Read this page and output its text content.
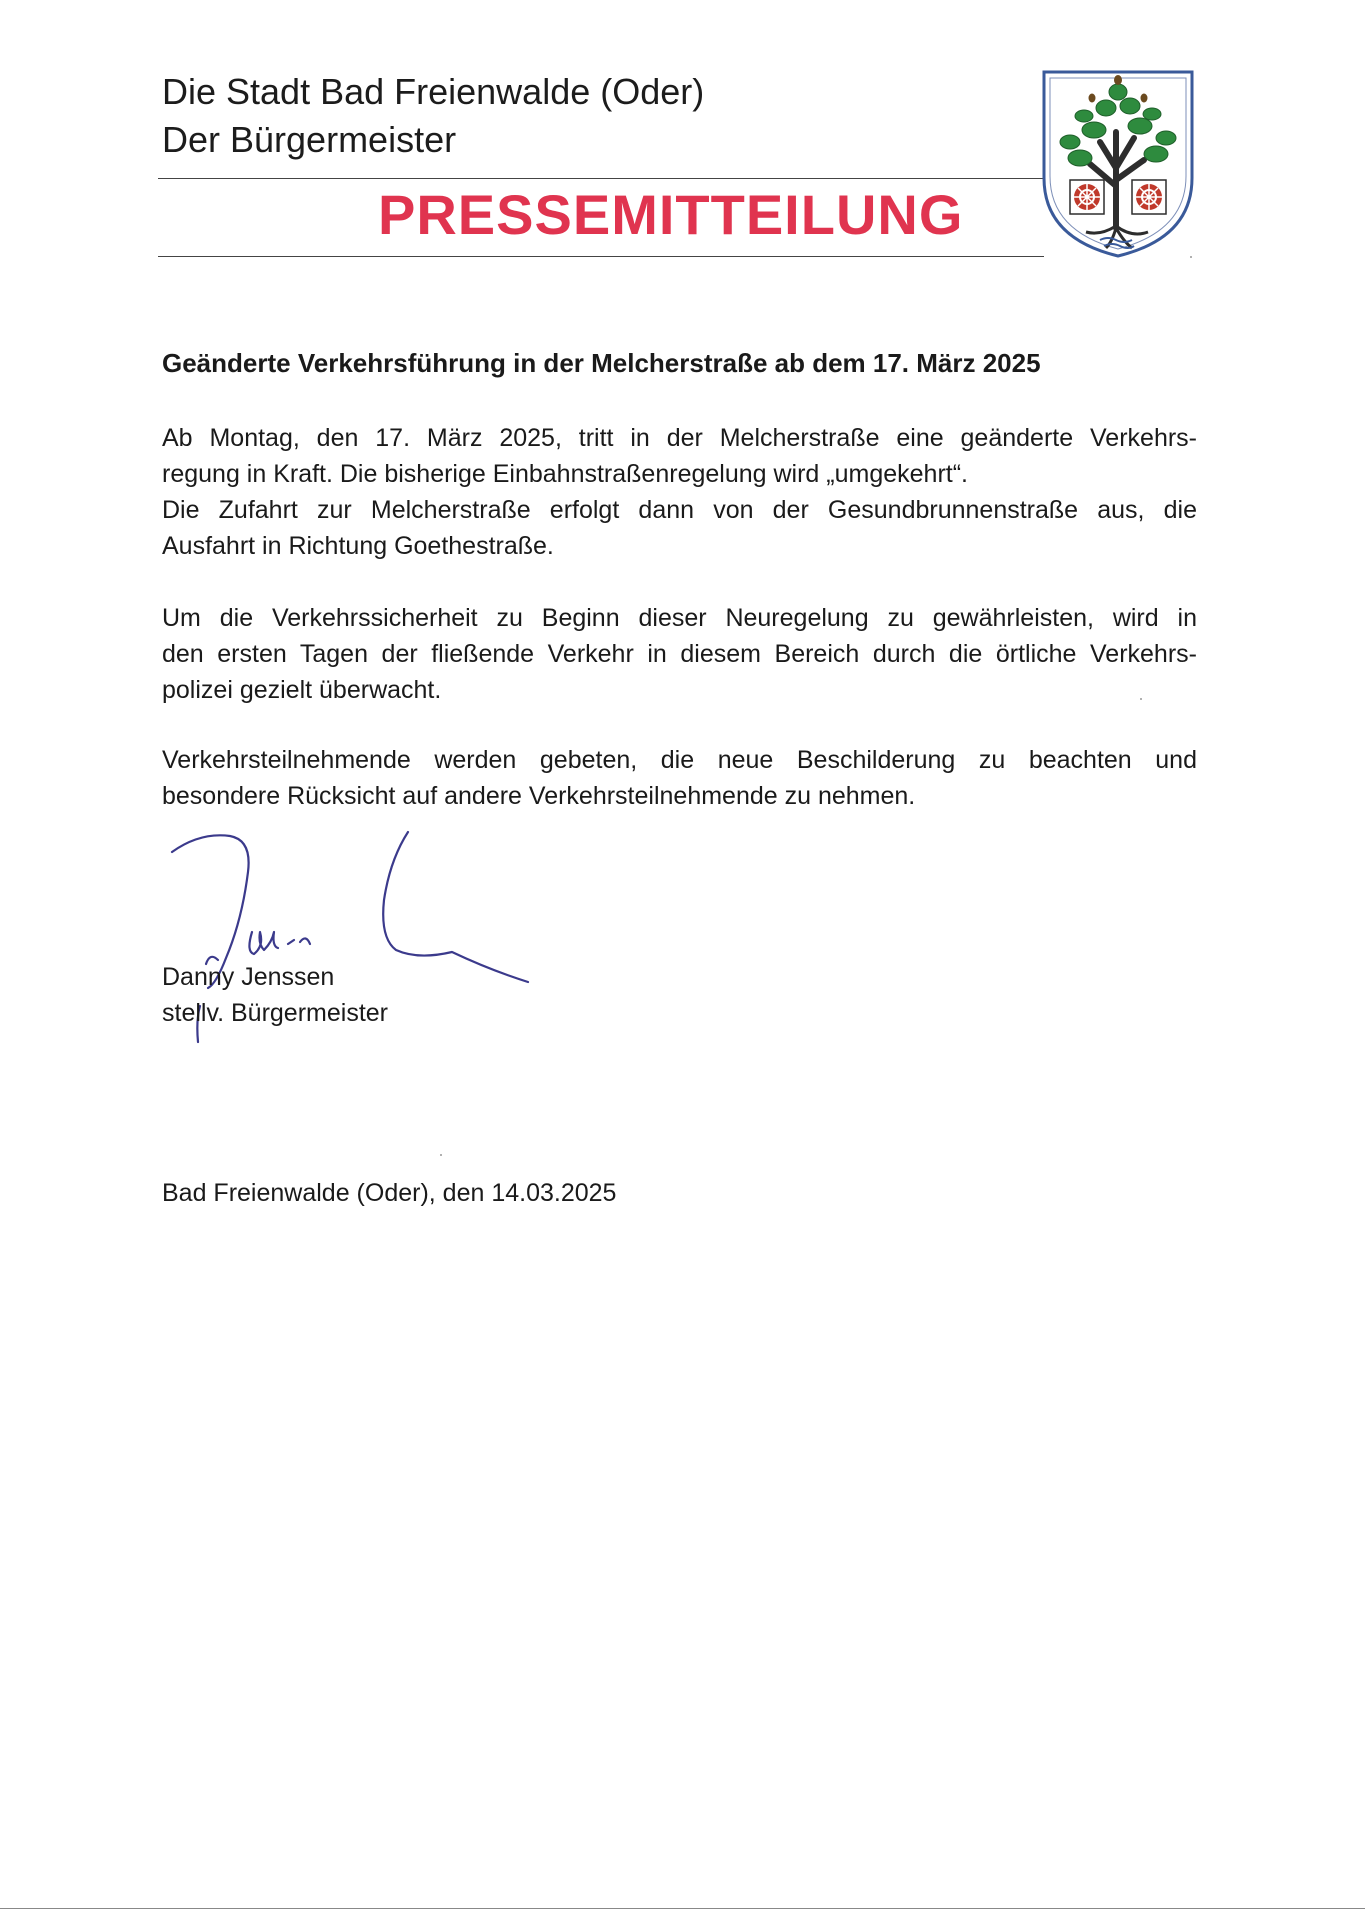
Die Stadt Bad Freienwalde (Oder)
Der Bürgermeister
PRESSEMITTEILUNG
Geänderte Verkehrsführung in der Melcherstraße ab dem 17. März 2025
Ab Montag, den 17. März 2025, tritt in der Melcherstraße eine geänderte Verkehrs-
regung in Kraft. Die bisherige Einbahnstraßenregelung wird „umgekehrt“.
Die Zufahrt zur Melcherstraße erfolgt dann von der Gesundbrunnenstraße aus, die
Ausfahrt in Richtung Goethestraße.
Um die Verkehrssicherheit zu Beginn dieser Neuregelung zu gewährleisten, wird in
den ersten Tagen der fließende Verkehr in diesem Bereich durch die örtliche Verkehrs-
polizei gezielt überwacht.
Verkehrsteilnehmende werden gebeten, die neue Beschilderung zu beachten und
besondere Rücksicht auf andere Verkehrsteilnehmende zu nehmen.
Danny Jenssen
stellv. Bürgermeister
Bad Freienwalde (Oder), den 14.03.2025
